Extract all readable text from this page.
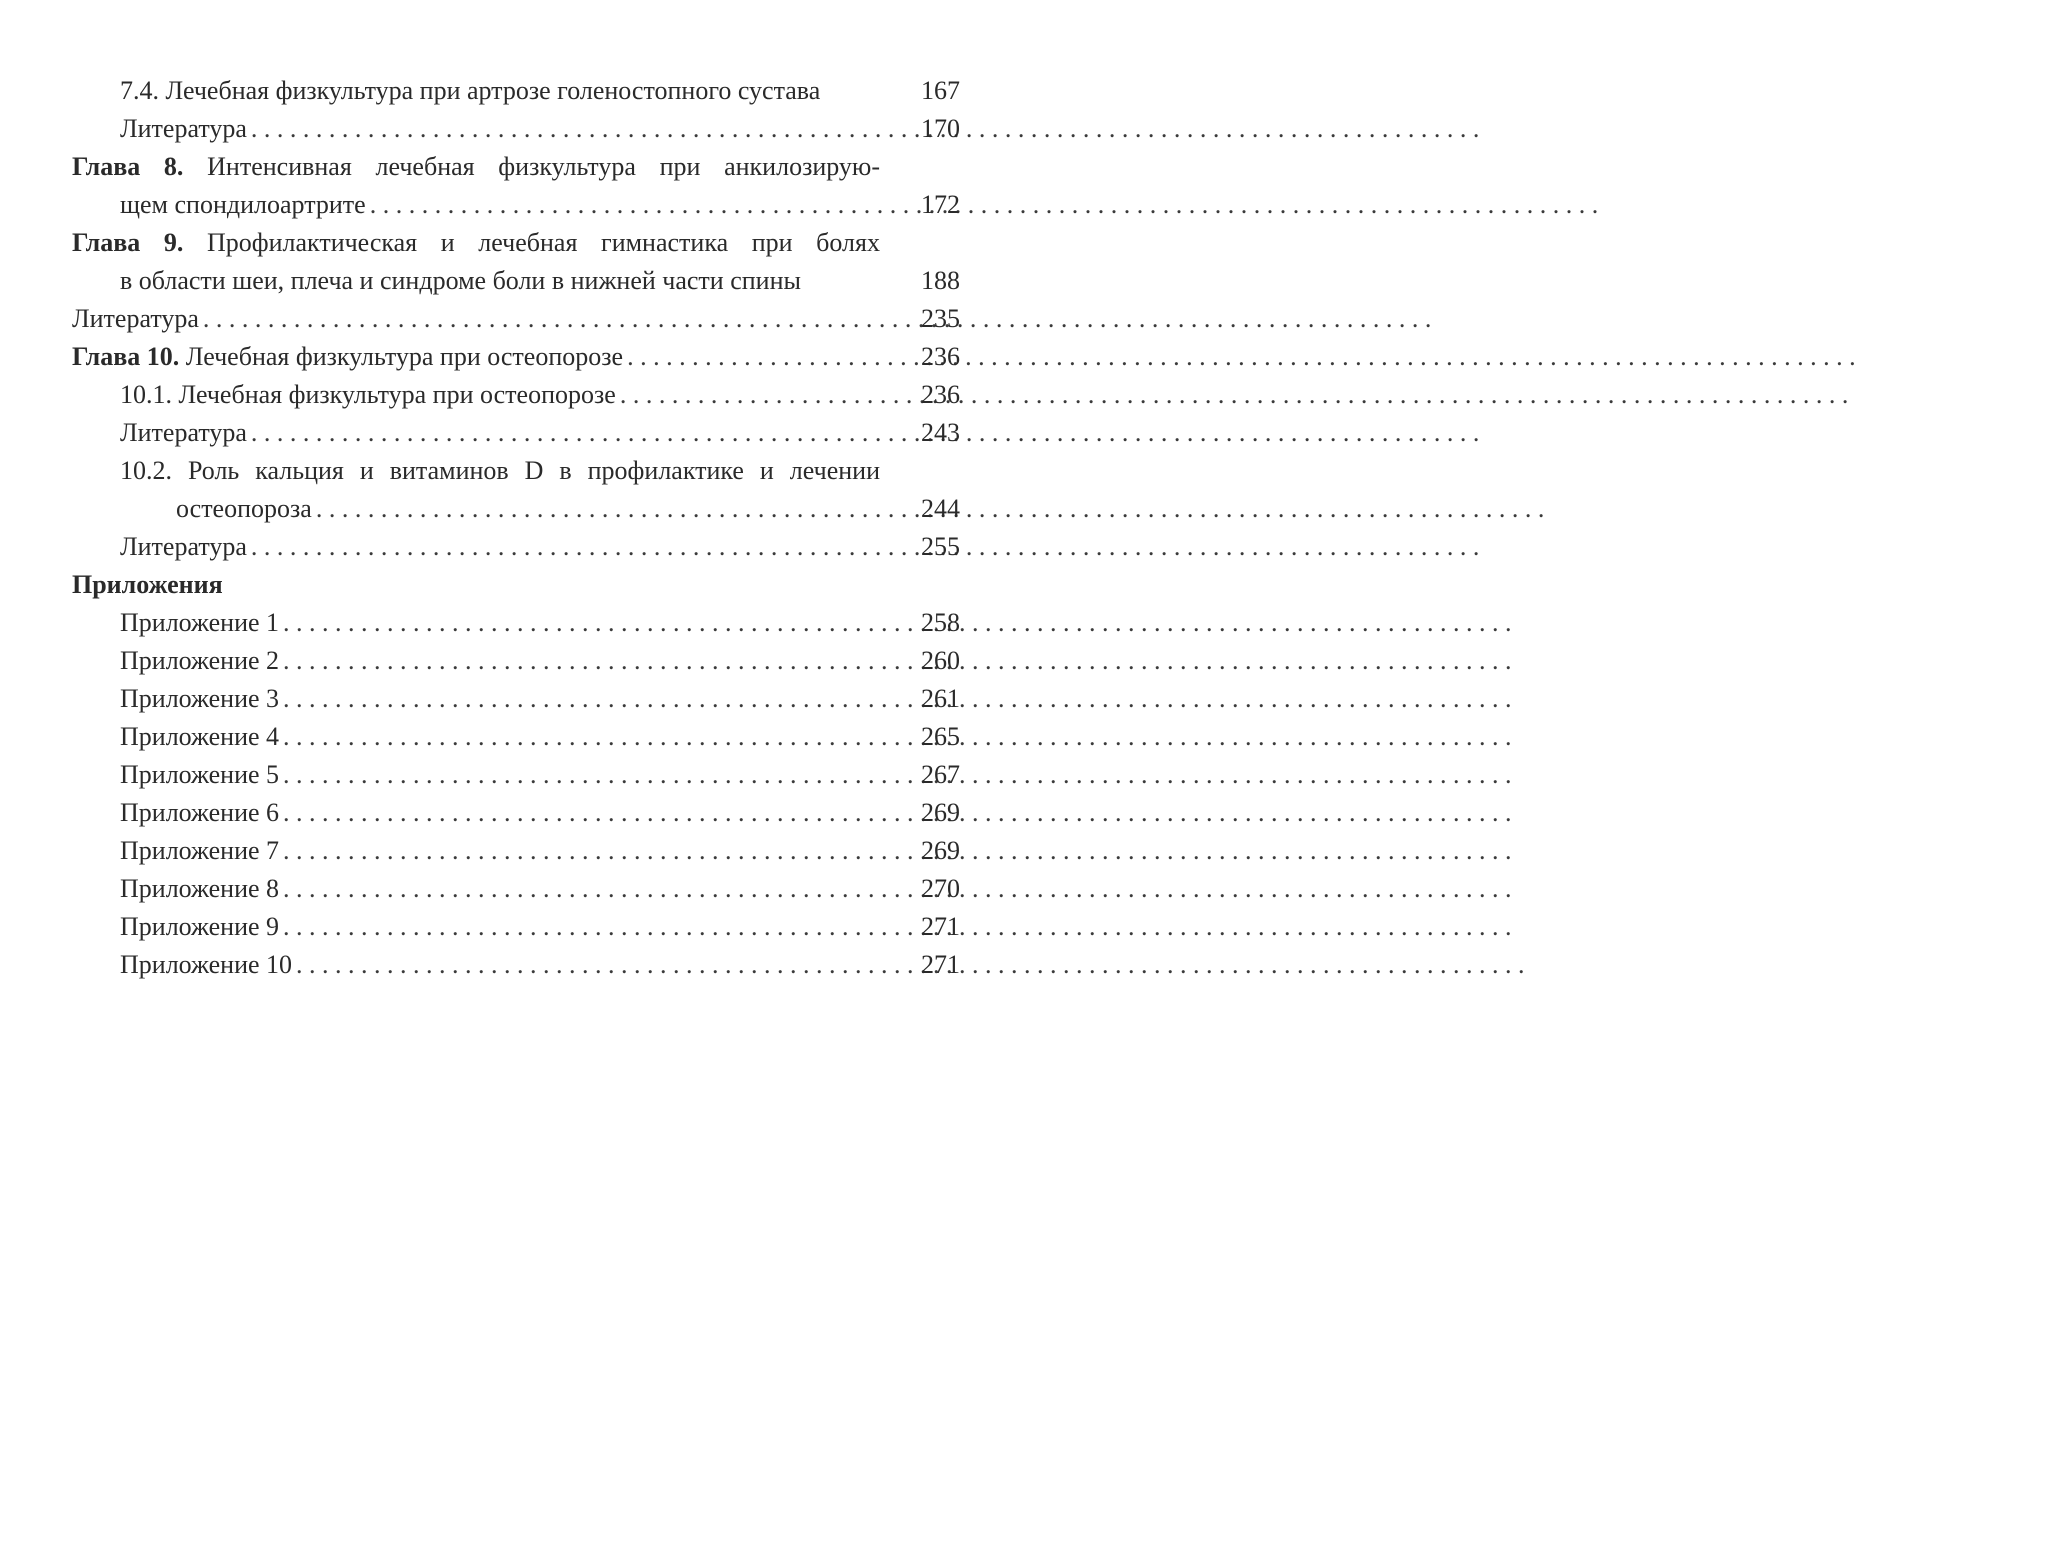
7.4. Лечебная физкультура при артрозе голеностопного сустава	167
Литература . . .	170
Глава 8. Интенсивная лечебная физкультура при анкилозирую-
щем спондилоартрите . . .	172
Глава 9. Профилактическая и лечебная гимнастика при болях
в области шеи, плеча и синдроме боли в нижней части спины	188
Литература . . .	235
Глава 10. Лечебная физкультура при остеопорозе . . .	236
10.1. Лечебная физкультура при остеопорозе . . .	236
Литература . . .	243
10.2. Роль кальция и витаминов D в профилактике и лечении
остеопороза . . .	244
Литература . . .	255
Приложения
Приложение 1 . . .	258
Приложение 2 . . .	260
Приложение 3 . . .	261
Приложение 4 . . .	265
Приложение 5 . . .	267
Приложение 6 . . .	269
Приложение 7 . . .	269
Приложение 8 . . .	270
Приложение 9 . . .	271
Приложение 10 . . .	271
